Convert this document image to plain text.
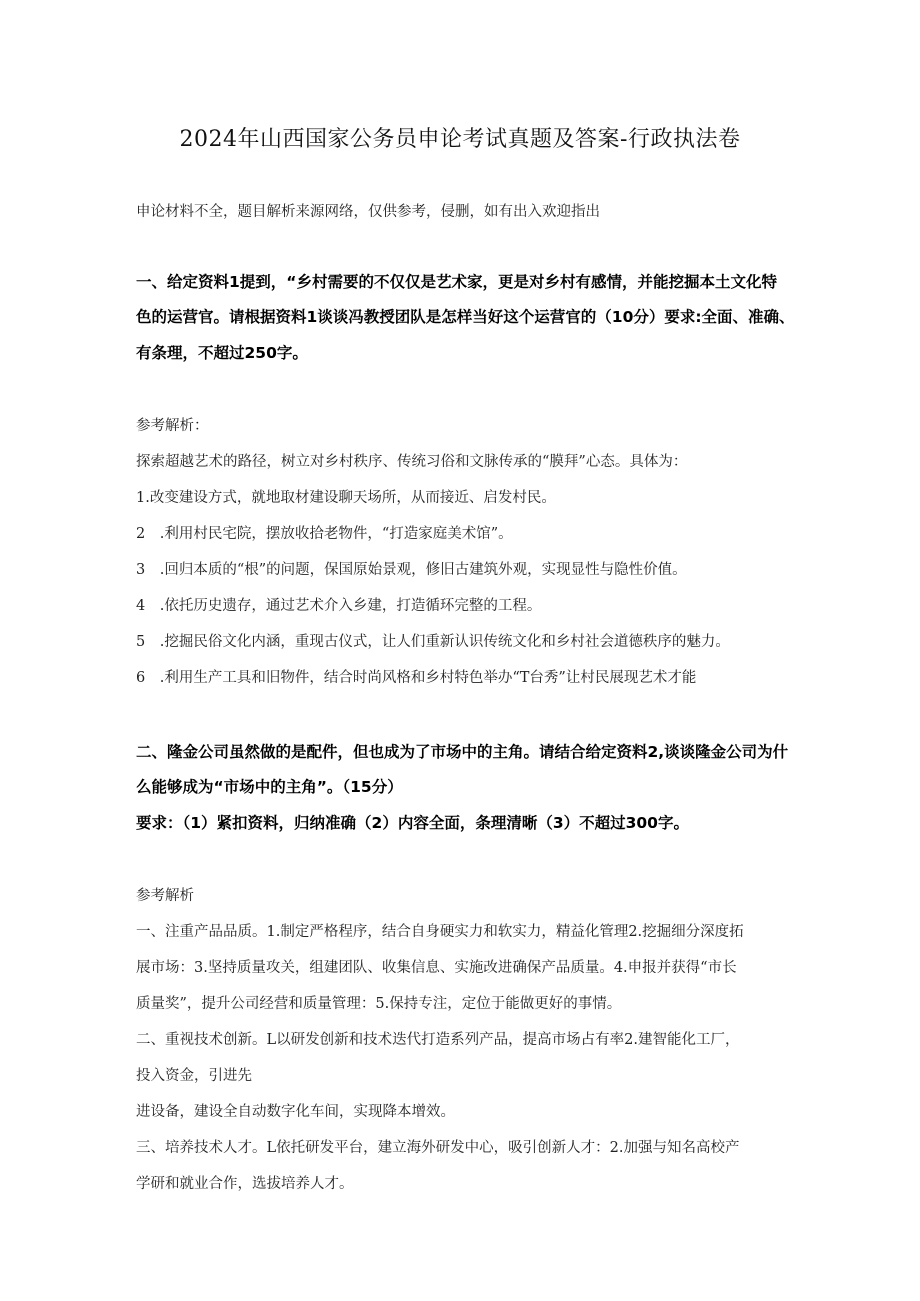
2024年山西国家公务员申论考试真题及答案-行政执法卷
申论材料不全，题目解析来源网络，仅供参考，侵删，如有出入欢迎指出
一、给定资料1提到，“乡村需要的不仅仅是艺术家，更是对乡村有感情，并能挖掘本土文化特
色的运营官。请根据资料1谈谈冯教授团队是怎样当好这个运营官的（10分）要求:全面、准确、
有条理，不超过250字。
参考解析：
探索超越艺术的路径，树立对乡村秩序、传统习俗和文脉传承的“膜拜”心态。具体为：
1.改变建设方式，就地取材建设聊天场所，从而接近、启发村民。
2　.利用村民宅院，摆放收拾老物件，“打造家庭美术馆”。
3　.回归本质的“根”的问题，保国原始景观，修旧古建筑外观，实现显性与隐性价值。
4　.依托历史遗存，通过艺术介入乡建，打造循环完整的工程。
5　.挖掘民俗文化内涵，重现古仪式，让人们重新认识传统文化和乡村社会道德秩序的魅力。
6　.利用生产工具和旧物件，结合时尚风格和乡村特色举办“T台秀”让村民展现艺术才能
二、隆金公司虽然做的是配件，但也成为了市场中的主角。请结合给定资料2,谈谈隆金公司为什
么能够成为“市场中的主角”。（15分）
要求：（1）紧扣资料，归纳准确（2）内容全面，条理清晰（3）不超过300字。
参考解析
一、注重产品品质。1.制定严格程序，结合自身硬实力和软实力，精益化管理2.挖掘细分深度拓
展市场：3.坚持质量攻关，组建团队、收集信息、实施改进确保产品质量。4.申报并获得“市长
质量奖”，提升公司经营和质量管理：5.保持专注，定位于能做更好的事情。
二、重视技术创新。L以研发创新和技术迭代打造系列产品，提高市场占有率2.建智能化工厂，
投入资金，引进先
进设备，建设全自动数字化车间，实现降本增效。
三、培养技术人才。L依托研发平台，建立海外研发中心，吸引创新人才：2.加强与知名高校产
学研和就业合作，选拔培养人才。
